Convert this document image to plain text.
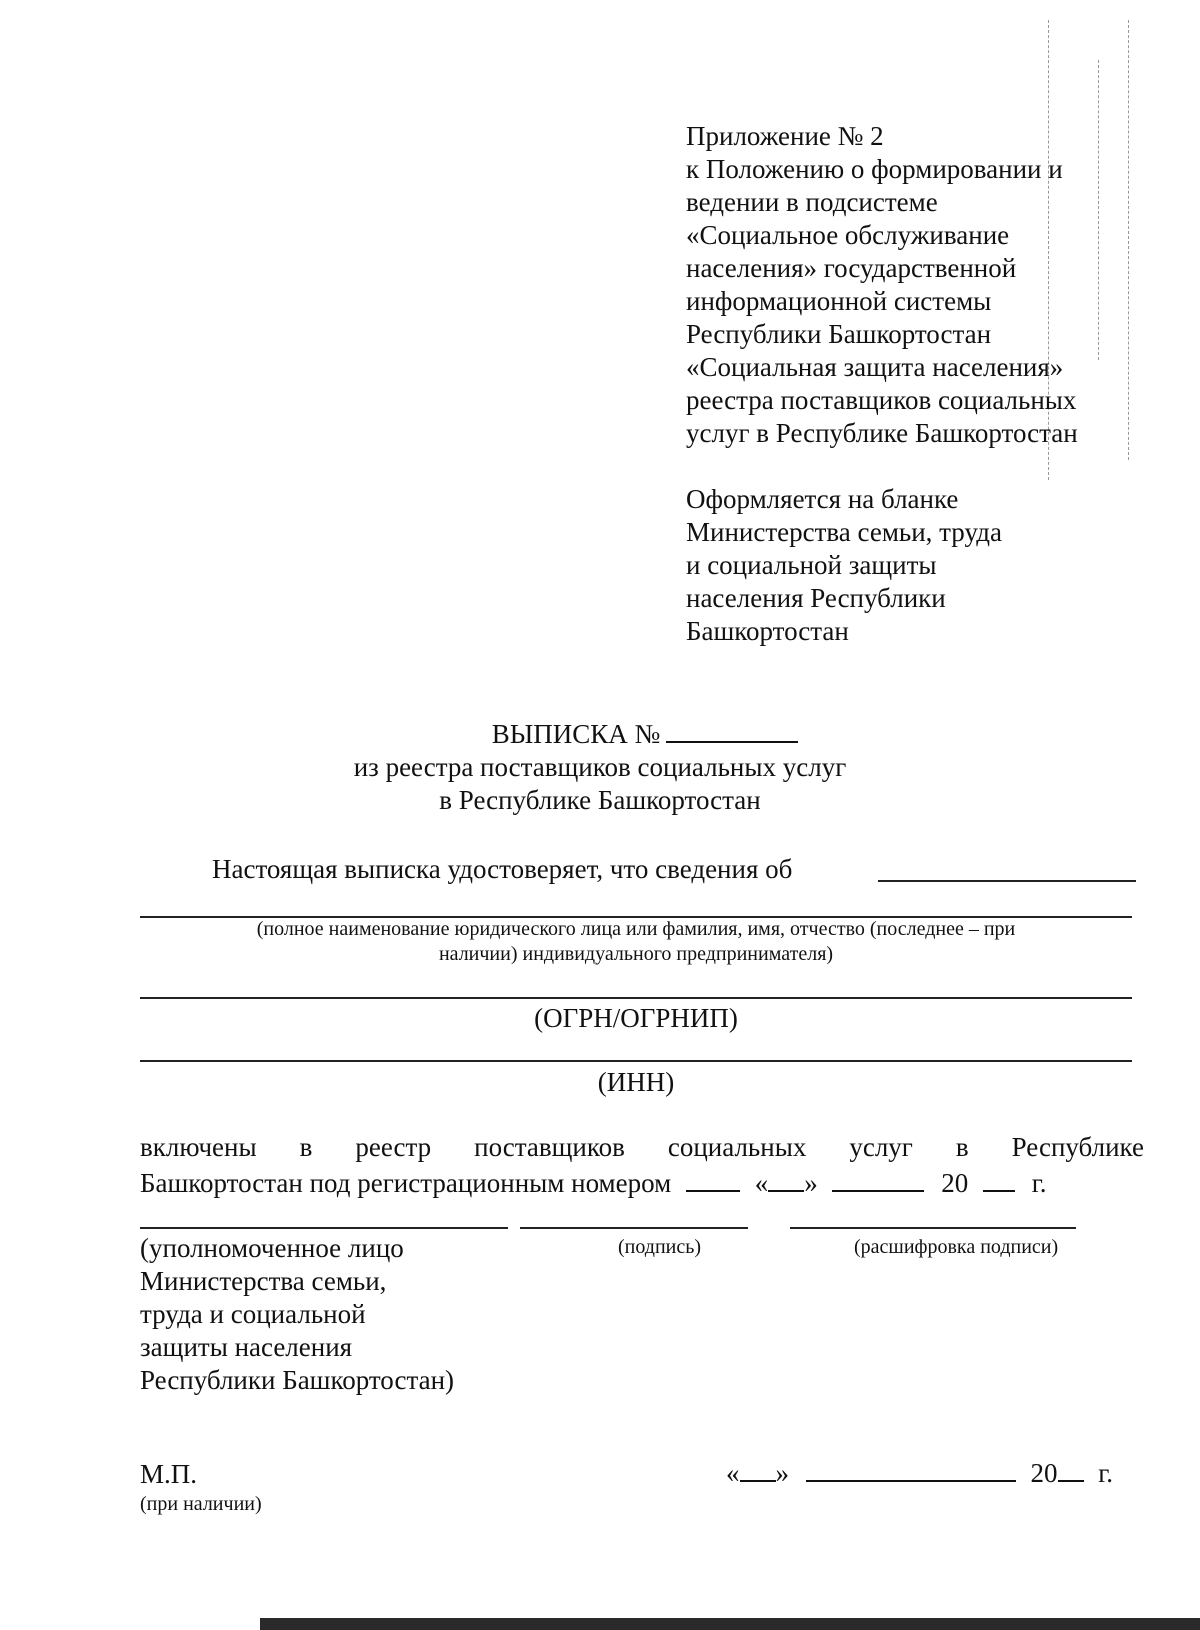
Приложение № 2
к Положению о формировании и
ведении в подсистеме
«Социальное обслуживание
населения» государственной
информационной системы
Республики Башкортостан
«Социальная защита населения»
реестра поставщиков социальных
услуг в Республике Башкортостан
Оформляется на бланке
Министерства семьи, труда
и социальной защиты
населения Республики
Башкортостан
ВЫПИСКА №
из реестра поставщиков социальных услуг
в Республике Башкортостан
Настоящая выписка удостоверяет, что сведения об
(полное наименование юридического лица или фамилия, имя, отчество (последнее – при
наличии) индивидуального предпринимателя)
(ОГРН/ОГРНИП)
(ИНН)
включены в реестр поставщиков социальных услуг в Республике
Башкортостан под регистрационным номером	« »	20 г.
(уполномоченное лицо
Министерства семьи,
труда и социальной
защиты населения
Республики Башкортостан)
(подпись)	(расшифровка подписи)
М.П.
(при наличии)
« »	20 г.
